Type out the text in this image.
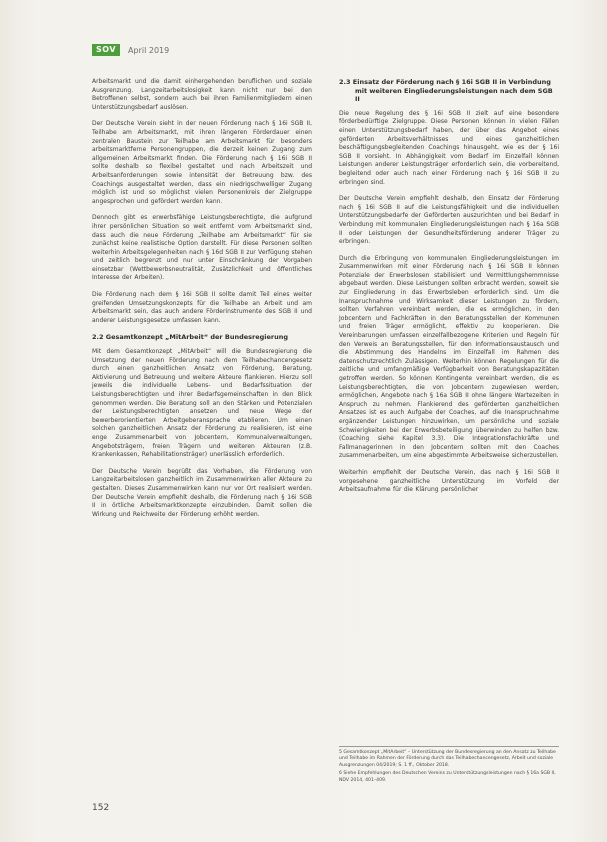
SOV	April 2019

Arbeitsmarkt und die damit einhergehenden beruflichen und soziale Ausgrenzung. Langzeitarbeitslosigkeit kann nicht nur bei den Betroffenen selbst, sondern auch bei ihren Familienmitgliedern einen Unterstützungsbedarf auslösen.

Der Deutsche Verein sieht in der neuen Förderung nach § 16i SGB II, Teilhabe am Arbeitsmarkt, mit ihren längeren Förderdauer einen zentralen Baustein zur Teilhabe am Arbeitsmarkt für besonders arbeitsmarktferne Personengruppen, die derzeit keinen Zugang zum allgemeinen Arbeitsmarkt finden. Die Förderung nach § 16i SGB II sollte deshalb so flexibel gestaltet und nach Arbeitszeit und Arbeitsanforderungen sowie intensität der Betreuung bzw. des Coachings ausgestaltet werden, dass ein niedrigschwelliger Zugang möglich ist und so möglichst vielen Personenkreis der Zielgruppe angesprochen und gefördert werden kann.

Dennoch gibt es erwerbsfähige Leistungsberechtigte, die aufgrund ihrer persönlichen Situation so weit entfernt vom Arbeitsmarkt sind, dass auch die neue Förderung „Teilhabe am Arbeitsmarkt“ für sie zunächst keine realistische Option darstellt. Für diese Personen sollten weiterhin Arbeitsgelegenheiten nach § 16d SGB II zur Verfügung stehen und zeitlich begrenzt und nur unter Einschränkung der Vorgaben einsetzbar (Wettbewerbsneutralität, Zusätzlichkeit und öffentliches Interesse der Arbeiten).

Die Förderung nach dem § 16i SGB II sollte damit Teil eines weiter greifenden Umsetzungskonzepts für die Teilhabe an Arbeit und am Arbeitsmarkt sein, das auch andere Förderinstrumente des SGB II und anderer Leistungsgesetze umfassen kann.

2.2 Gesamtkonzept „MitArbeit“ der Bundesregierung

Mit dem Gesamtkonzept „MitArbeit“ will die Bundesregierung die Umsetzung der neuen Förderung nach dem Teilhabechancengesetz durch einen ganzheitlichen Ansatz von Förderung, Beratung, Aktivierung und Betreuung und weitere Akteure flankieren. Hierzu soll jeweils die individuelle Lebens- und Bedarfssituation der Leistungsberechtigten und ihrer Bedarfsgemeinschaften in den Blick genommen werden. Die Beratung soll an den Stärken und Potenzialen der Leistungsberechtigten ansetzen und neue Wege der bewerberorientierten Arbeitgeberansprache etablieren. Um einen solchen ganzheitlichen Ansatz der Förderung zu realisieren, ist eine enge Zusammenarbeit von Jobcentern, Kommunalverwaltungen, Angebotsträgern, freien Trägern und weiteren Akteuren (z.B. Krankenkassen, Rehabilitationsträger) unerlässlich erforderlich.

Der Deutsche Verein begrüßt das Vorhaben, die Förderung von Langzeitarbeitslosen ganzheitlich im Zusammenwirken aller Akteure zu gestalten. Dieses Zusammenwirken kann nur vor Ort realisiert werden. Der Deutsche Verein empfiehlt deshalb, die Förderung nach § 16i SGB II in örtliche Arbeitsmarktkonzepte einzubinden. Damit sollen die Wirkung und Reichweite der Förderung erhöht werden.

2.3 Einsatz der Förderung nach § 16i SGB II in Verbindung mit weiteren Eingliederungsleistungen nach dem SGB II

Die neue Regelung des § 16i SGB II zielt auf eine besondere förderbedürftige Zielgruppe. Diese Personen können in vielen Fällen einen Unterstützungsbedarf haben, der über das Angebot eines geförderten Arbeitsverhältnisses und eines ganzheitlichen beschäftigungsbegleitenden Coachings hinausgeht, wie es der § 16i SGB II vorsieht. In Abhängigkeit vom Bedarf im Einzelfall können Leistungen anderer Leistungsträger erforderlich sein, die vorbereitend, begleitend oder auch nach einer Förderung nach § 16i SGB II zu erbringen sind.

Der Deutsche Verein empfiehlt deshalb, den Einsatz der Förderung nach § 16i SGB II auf die Leistungsfähigkeit und die individuellen Unterstützungsbedarfe der Geförderten auszurichten und bei Bedarf in Verbindung mit kommunalen Eingliederungsleistungen nach § 16a SGB II oder Leistungen der Gesundheitsförderung anderer Träger zu erbringen.

Durch die Erbringung von kommunalen Eingliederungsleistungen im Zusammenwirken mit einer Förderung nach § 16i SGB II können Potenziale der Erwerbslosen stabilisiert und Vermittlungshemmnisse abgebaut werden. Diese Leistungen sollten erbracht werden, soweit sie zur Eingliederung in das Erwerbsleben erforderlich sind. Um die Inanspruchnahme und Wirksamkeit dieser Leistungen zu fördern, sollten Verfahren vereinbart werden, die es ermöglichen, in den Jobcentern und Fachkräften in den Beratungsstellen der Kommunen und freien Träger ermöglicht, effektiv zu kooperieren. Die Vereinbarungen umfassen einzelfallbezogene Kriterien und Regeln für den Verweis an Beratungsstellen, für den Informationsaustausch und die Abstimmung des Handelns im Einzelfall im Rahmen des datenschutzrechtlich Zulässigen. Weiterhin können Regelungen für die zeitliche und umfangmäßige Verfügbarkeit von Beratungskapazitäten getroffen werden. So können Kontingente vereinbart werden, die es Leistungsberechtigten, die von Jobcentern zugewiesen werden, ermöglichen, Angebote nach § 16a SGB II ohne längere Wartezeiten in Anspruch zu nehmen. Flankierend des geförderten ganzheitlichen Ansatzes ist es auch Aufgabe der Coaches, auf die Inanspruchnahme ergänzender Leistungen hinzuwirken, um persönliche und soziale Schwierigkeiten bei der Erwerbsbeteiligung überwinden zu helfen bzw. (Coaching siehe Kapitel 3.3). Die Integrationsfachkräfte und Fallmanagerinnen in den Jobcentern sollten mit den Coaches zusammenarbeiten, um eine abgestimmte Arbeitsweise sicherzustellen.

Weiterhin empfiehlt der Deutsche Verein, das nach § 16i SGB II vorgesehene ganzheitliche Unterstützung im Vorfeld der Arbeitsaufnahme für die Klärung persönlicher

5 Gesamtkonzept „MitArbeit“ – Unterstützung der Bundesregierung an den Ansatz zu Teilhabe und Teilhabe im Rahmen der Förderung durch das Teilhabechancengesetz, Arbeit und soziale Ausgrenzungen 04/2019; S. 1 ff., Oktober 2018.

6 Siehe Empfehlungen des Deutschen Vereins zu Unterstützungsleistungen nach § 16a SGB II, NDV 2014, 401–409.

152
